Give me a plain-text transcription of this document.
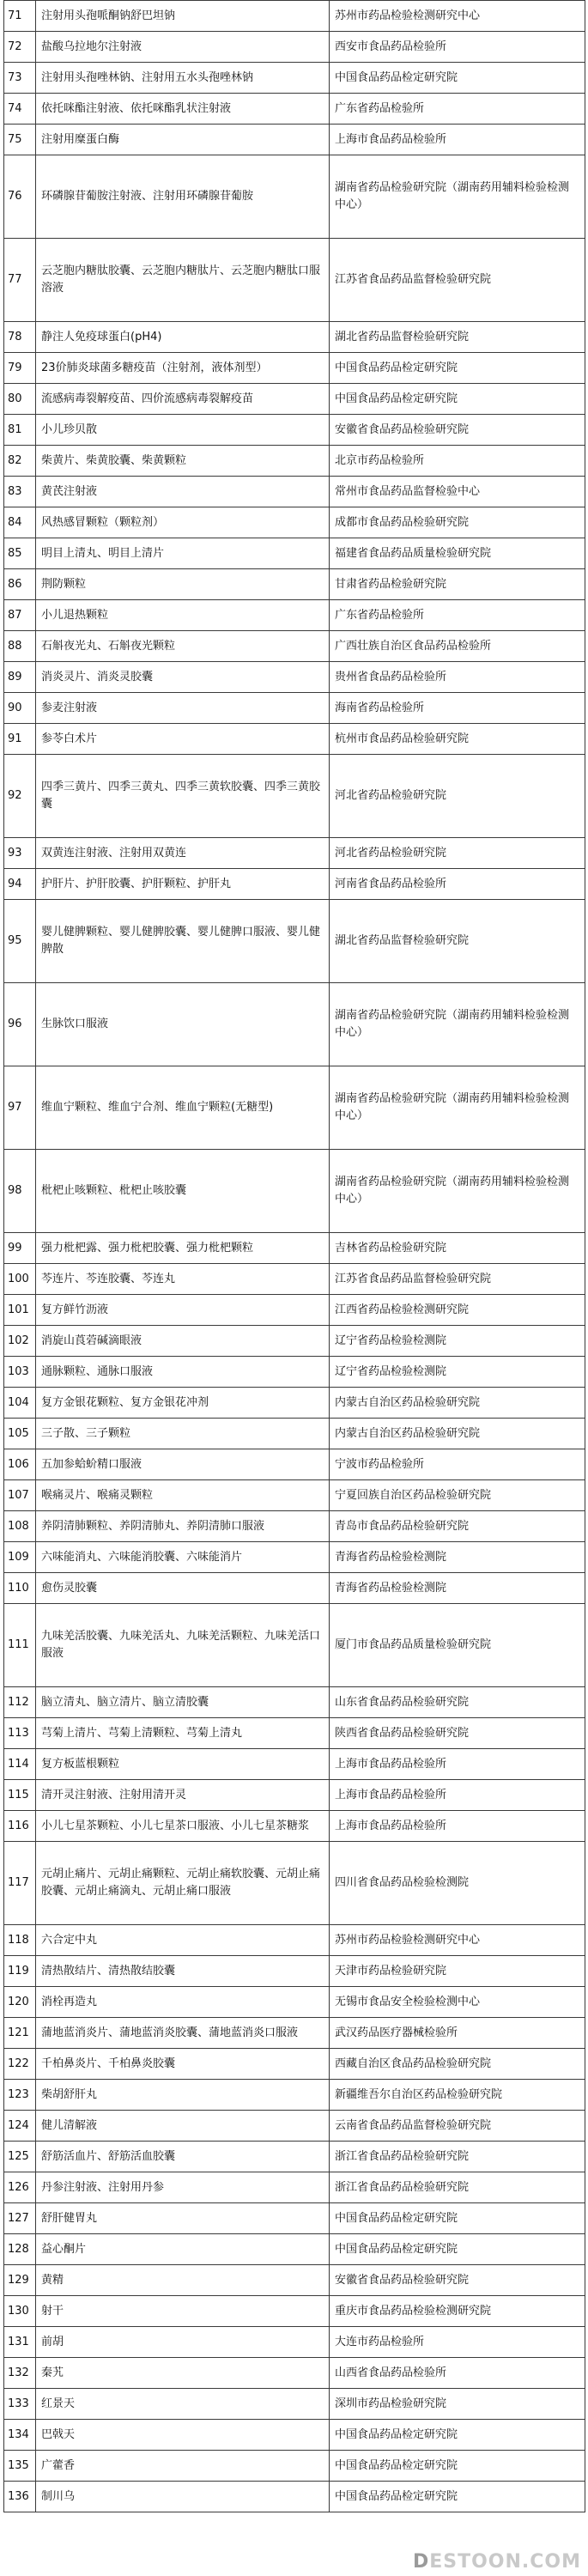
71	注射用头孢哌酮钠舒巴坦钠	苏州市药品检验检测研究中心
72	盐酸乌拉地尔注射液	西安市食品药品检验所
73	注射用头孢唑林钠、注射用五水头孢唑林钠	中国食品药品检定研究院
74	依托咪酯注射液、依托咪酯乳状注射液	广东省药品检验所
75	注射用糜蛋白酶	上海市食品药品检验所
76	环磷腺苷葡胺注射液、注射用环磷腺苷葡胺	湖南省药品检验研究院（湖南药用辅料检验检测中心）
77	云芝胞内糖肽胶囊、云芝胞内糖肽片、云芝胞内糖肽口服溶液	江苏省食品药品监督检验研究院
78	静注人免疫球蛋白(pH4)	湖北省药品监督检验研究院
79	23价肺炎球菌多糖疫苗（注射剂，液体剂型）	中国食品药品检定研究院
80	流感病毒裂解疫苗、四价流感病毒裂解疫苗	中国食品药品检定研究院
81	小儿珍贝散	安徽省食品药品检验研究院
82	柴黄片、柴黄胶囊、柴黄颗粒	北京市药品检验所
83	黄芪注射液	常州市食品药品监督检验中心
84	风热感冒颗粒（颗粒剂）	成都市食品药品检验研究院
85	明目上清丸、明目上清片	福建省食品药品质量检验研究院
86	荆防颗粒	甘肃省药品检验研究院
87	小儿退热颗粒	广东省药品检验所
88	石斛夜光丸、石斛夜光颗粒	广西壮族自治区食品药品检验所
89	消炎灵片、消炎灵胶囊	贵州省食品药品检验所
90	参麦注射液	海南省药品检验所
91	参苓白术片	杭州市食品药品检验研究院
92	四季三黄片、四季三黄丸、四季三黄软胶囊、四季三黄胶囊	河北省药品检验研究院
93	双黄连注射液、注射用双黄连	河北省药品检验研究院
94	护肝片、护肝胶囊、护肝颗粒、护肝丸	河南省食品药品检验所
95	婴儿健脾颗粒、婴儿健脾胶囊、婴儿健脾口服液、婴儿健脾散	湖北省药品监督检验研究院
96	生脉饮口服液	湖南省药品检验研究院（湖南药用辅料检验检测中心）
97	维血宁颗粒、维血宁合剂、维血宁颗粒(无糖型)	湖南省药品检验研究院（湖南药用辅料检验检测中心）
98	枇杷止咳颗粒、枇杷止咳胶囊	湖南省药品检验研究院（湖南药用辅料检验检测中心）
99	强力枇杷露、强力枇杷胶囊、强力枇杷颗粒	吉林省药品检验研究院
100	芩连片、芩连胶囊、芩连丸	江苏省食品药品监督检验研究院
101	复方鲜竹沥液	江西省药品检验检测研究院
102	消旋山莨菪碱滴眼液	辽宁省药品检验检测院
103	通脉颗粒、通脉口服液	辽宁省药品检验检测院
104	复方金银花颗粒、复方金银花冲剂	内蒙古自治区药品检验研究院
105	三子散、三子颗粒	内蒙古自治区药品检验研究院
106	五加参蛤蚧精口服液	宁波市药品检验所
107	喉痛灵片、喉痛灵颗粒	宁夏回族自治区药品检验研究院
108	养阴清肺颗粒、养阴清肺丸、养阴清肺口服液	青岛市食品药品检验研究院
109	六味能消丸、六味能消胶囊、六味能消片	青海省药品检验检测院
110	愈伤灵胶囊	青海省药品检验检测院
111	九味羌活胶囊、九味羌活丸、九味羌活颗粒、九味羌活口服液	厦门市食品药品质量检验研究院
112	脑立清丸、脑立清片、脑立清胶囊	山东省食品药品检验研究院
113	芎菊上清片、芎菊上清颗粒、芎菊上清丸	陕西省食品药品检验研究院
114	复方板蓝根颗粒	上海市食品药品检验所
115	清开灵注射液、注射用清开灵	上海市食品药品检验所
116	小儿七星茶颗粒、小儿七星茶口服液、小儿七星茶糖浆	上海市食品药品检验所
117	元胡止痛片、元胡止痛颗粒、元胡止痛软胶囊、元胡止痛胶囊、元胡止痛滴丸、元胡止痛口服液	四川省食品药品检验检测院
118	六合定中丸	苏州市药品检验检测研究中心
119	清热散结片、清热散结胶囊	天津市药品检验研究院
120	消栓再造丸	无锡市食品安全检验检测中心
121	蒲地蓝消炎片、蒲地蓝消炎胶囊、蒲地蓝消炎口服液	武汉药品医疗器械检验所
122	千柏鼻炎片、千柏鼻炎胶囊	西藏自治区食品药品检验研究院
123	柴胡舒肝丸	新疆维吾尔自治区药品检验研究院
124	健儿清解液	云南省食品药品监督检验研究院
125	舒筋活血片、舒筋活血胶囊	浙江省食品药品检验研究院
126	丹参注射液、注射用丹参	浙江省食品药品检验研究院
127	舒肝健胃丸	中国食品药品检定研究院
128	益心酮片	中国食品药品检定研究院
129	黄精	安徽省食品药品检验研究院
130	射干	重庆市食品药品检验检测研究院
131	前胡	大连市药品检验所
132	秦艽	山西省食品药品检验所
133	红景天	深圳市药品检验研究院
134	巴戟天	中国食品药品检定研究院
135	广藿香	中国食品药品检定研究院
136	制川乌	中国食品药品检定研究院
DESTOON.COM
